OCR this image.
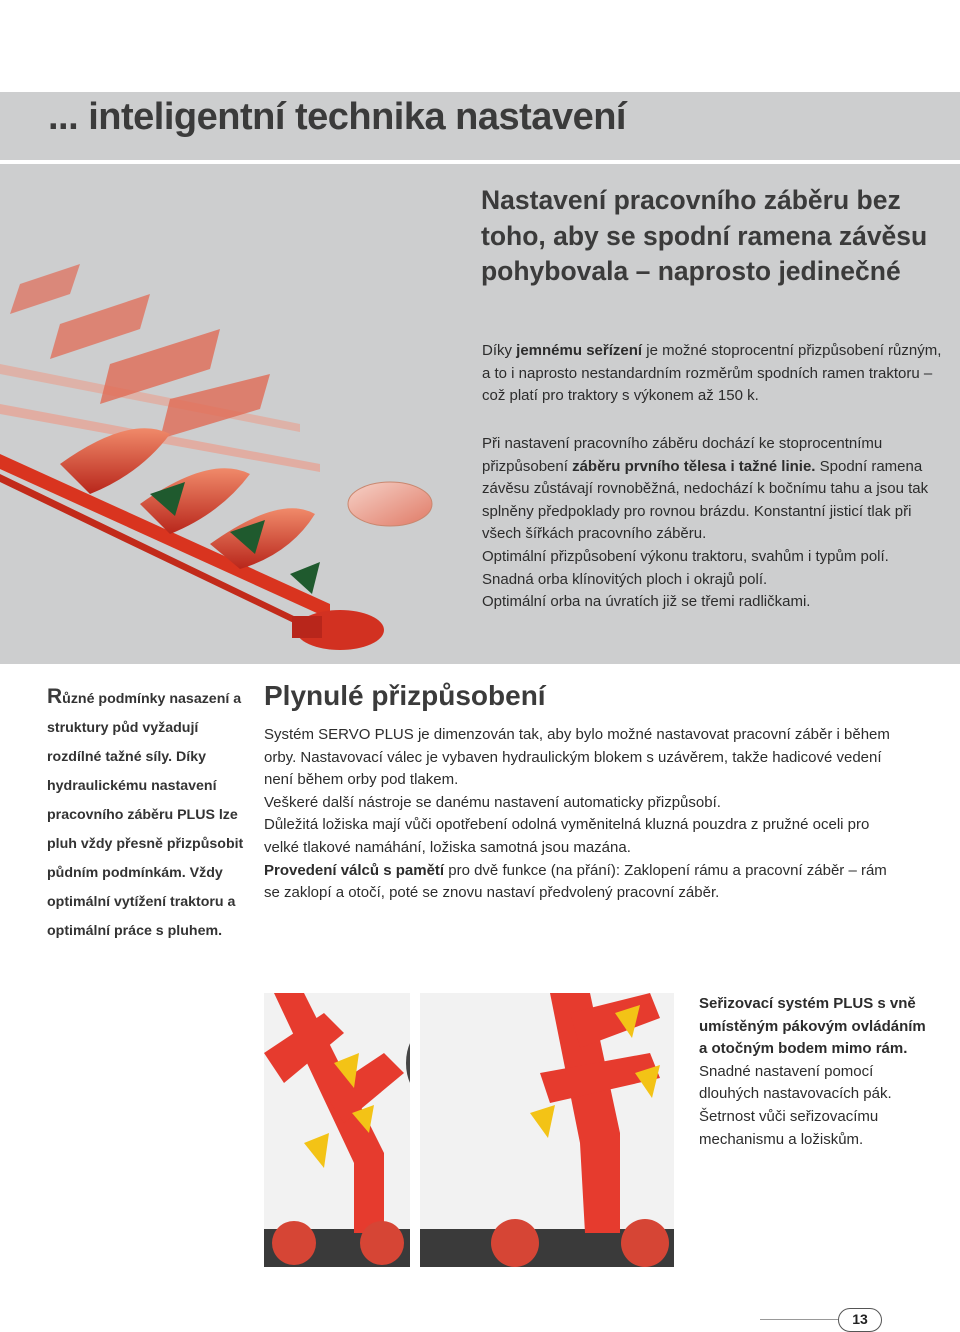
... inteligentní technika nastavení
Nastavení pracovního záběru bez toho, aby se spodní ramena závěsu pohybovala – naprosto jedinečné
Díky jemnému seřízení je možné stoprocentní přizpůsobení různým, a to i naprosto nestandardním rozměrům spodních ramen traktoru – což platí pro traktory s výkonem až 150 k.
Při nastavení pracovního záběru dochází ke stoprocentnímu přizpůsobení záběru prvního tělesa i tažné linie. Spodní ramena závěsu zůstávají rovnoběžná, nedochází k bočnímu tahu a jsou tak splněny předpoklady pro rovnou brázdu. Konstantní jisticí tlak při všech šířkách pracovního záběru.
Optimální přizpůsobení výkonu traktoru, svahům i typům polí.
Snadná orba klínovitých ploch i okrajů polí.
Optimální orba na úvratích již se třemi radličkami.
Různé podmínky nasazení a struktury půd vyžadují rozdílné tažné síly. Díky hydraulickému nastavení pracovního záběru PLUS lze pluh vždy přesně přizpůsobit půdním podmínkám. Vždy optimální vytížení traktoru a optimální práce s pluhem.
Plynulé přizpůsobení
Systém SERVO PLUS je dimenzován tak, aby bylo možné nastavovat pracovní záběr i během orby. Nastavovací válec je vybaven hydraulickým blokem s uzávěrem, takže hadicové vedení není během orby pod tlakem.
Veškeré další nástroje se danému nastavení automaticky přizpůsobí.
Důležitá ložiska mají vůči opotřebení odolná vyměnitelná kluzná pouzdra z pružné oceli pro velké tlakové namáhání, ložiska samotná jsou mazána.
Provedení válců s pamětí pro dvě funkce (na přání): Zaklopení rámu a pracovní záběr – rám se zaklopí a otočí, poté se znovu nastaví předvolený pracovní záběr.
Seřizovací systém PLUS s vně umístěným pákovým ovládáním a otočným bodem mimo rám. Snadné nastavení pomocí dlouhých nastavovacích pák. Šetrnost vůči seřizovacímu mechanismu a ložiskům.
13
